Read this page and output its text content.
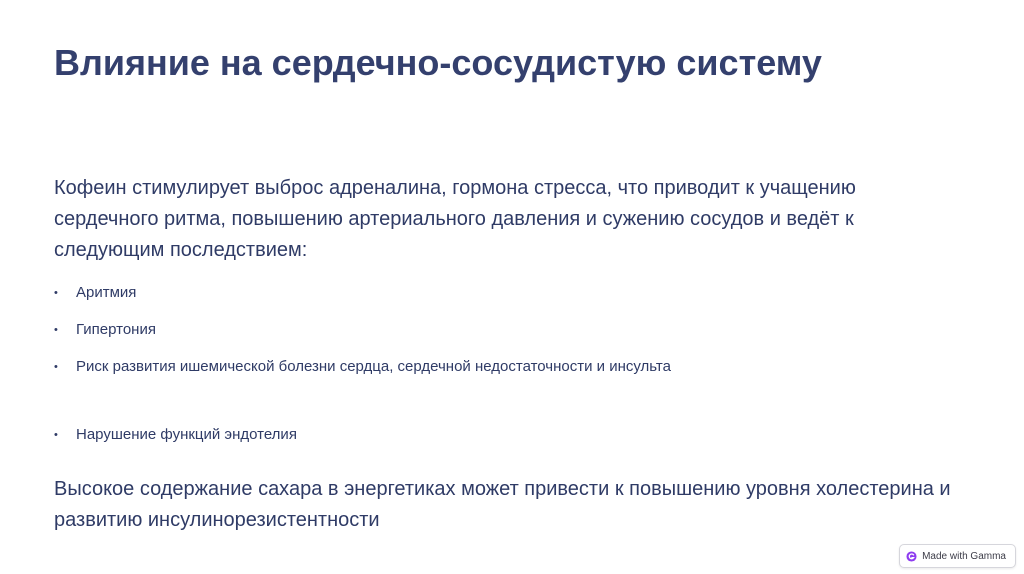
Влияние на сердечно-сосудистую систему

Кофеин стимулирует выброс адреналина, гормона стресса, что приводит к учащению сердечного ритма, повышению артериального давления и сужению сосудов и ведёт к следующим последствием:

•	Аритмия
•	Гипертония
•	Риск развития ишемической болезни сердца, сердечной недостаточности и инсульта
•	Нарушение функций эндотелия

Высокое содержание сахара в энергетиках может привести к повышению уровня холестерина и развитию инсулинорезистентности

Made with Gamma
